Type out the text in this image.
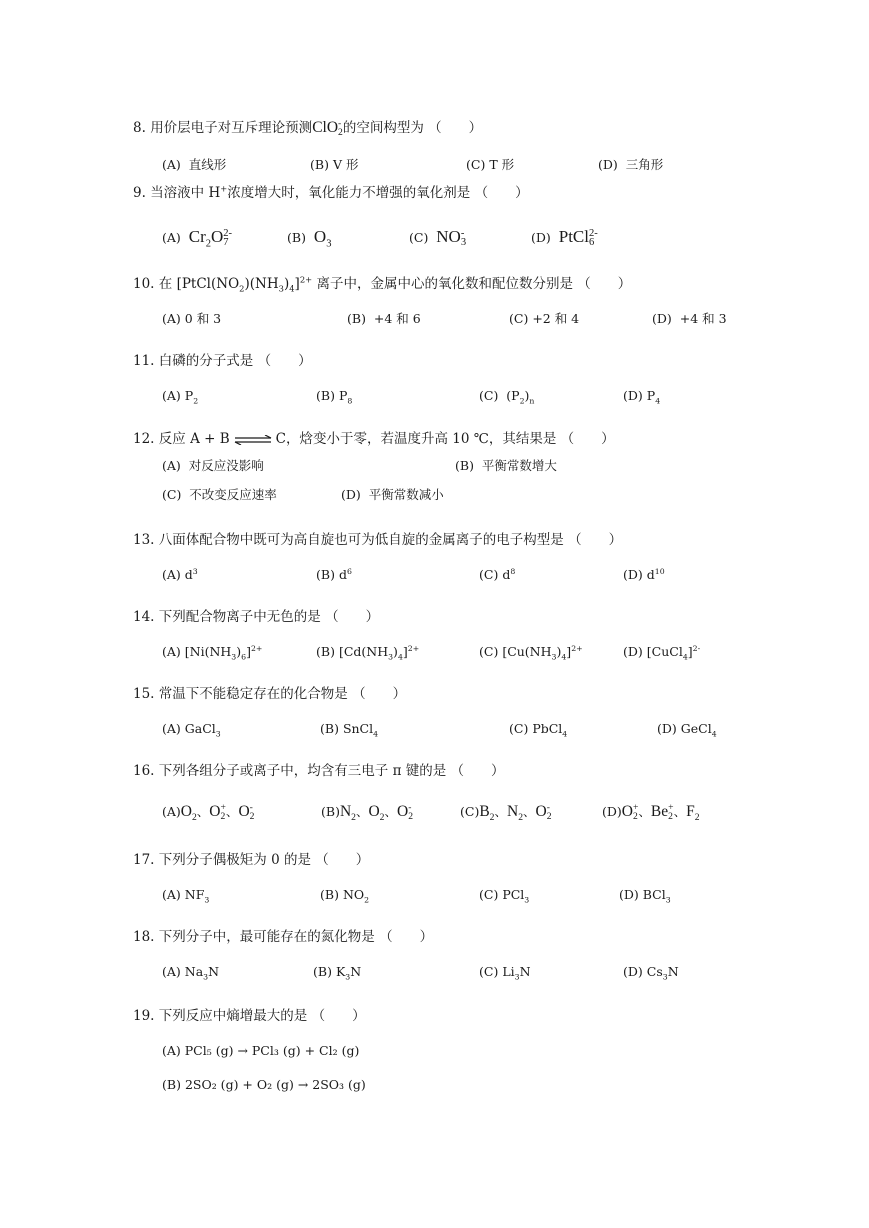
8. 用价层电子对互斥理论预测ClO -
2 的空间构型为 （　　）
(A) 直线形	(B) V 形	(C) T 形	(D) 三角形
9. 当溶液中 H+浓度增大时，氧化能力不增强的氧化剂是 （　　）
(A) $Cr_2O$ 2-
7	(B) $O_3$	(C) NO -
3	(D) PtCl 2-
6
10. 在 $[PtCl(NO_2)(NH_3)_4]^{2+}$ 离子中，金属中心的氧化数和配位数分别是 （　　）
(A) 0 和 3	(B) +4 和 6	(C) +2 和 4	(D) +4 和 3
11. 白磷的分子式是 （　　）
(A) $P_2$	(B) $P_8$	(C) $(P_2)_n$	(D) $P_4$
12. 反应 A + B ⇌ C，焓变小于零，若温度升高 10 ℃，其结果是 （　　）
(A) 对反应没影响	(B) 平衡常数增大
(C) 不改变反应速率	(D) 平衡常数减小
13. 八面体配合物中既可为高自旋也可为低自旋的金属离子的电子构型是 （　　）
(A) $d^3$	(B) $d^6$	(C) $d^8$	(D) $d^{10}$
14. 下列配合物离子中无色的是 （　　）
(A) $[Ni(NH_3)_6]^{2+}$	(B) $[Cd(NH_3)_4]^{2+}$	(C) $[Cu(NH_3)_4]^{2+}$	(D) [CuCl$_4$]$^{2-}$
15. 常温下不能稳定存在的化合物是 （　　）
(A) GaCl$_3$	(B) SnCl$_4$	(C) PbCl$_4$	(D) GeCl$_4$
16. 下列各组分子或离子中，均含有三电子 π 键的是 （　　）
$(A)O_2$、O +
2 、O -
2	$(B)N_2$、$O_2$、O -
2	$(C)B_2$、$N_2$、O -
2	(D)O +
2 、Be +
2 、$F_2$
17. 下列分子偶极矩为 0 的是 （　　）
(A) $NF_3$	(B) $NO_2$	(C) PCl$_3$	(D) BCl$_3$
18. 下列分子中，最可能存在的氮化物是 （　　）
(A) $Na_3N$	(B) $K_3N$	(C) $Li_3N$	(D) $Cs_3N$
19. 下列反应中熵增最大的是 （　　）
(A) PCl₅ (g) → PCl₃ (g) + Cl₂ (g)
(B) 2SO₂ (g) + O₂ (g) → 2SO₃ (g)
